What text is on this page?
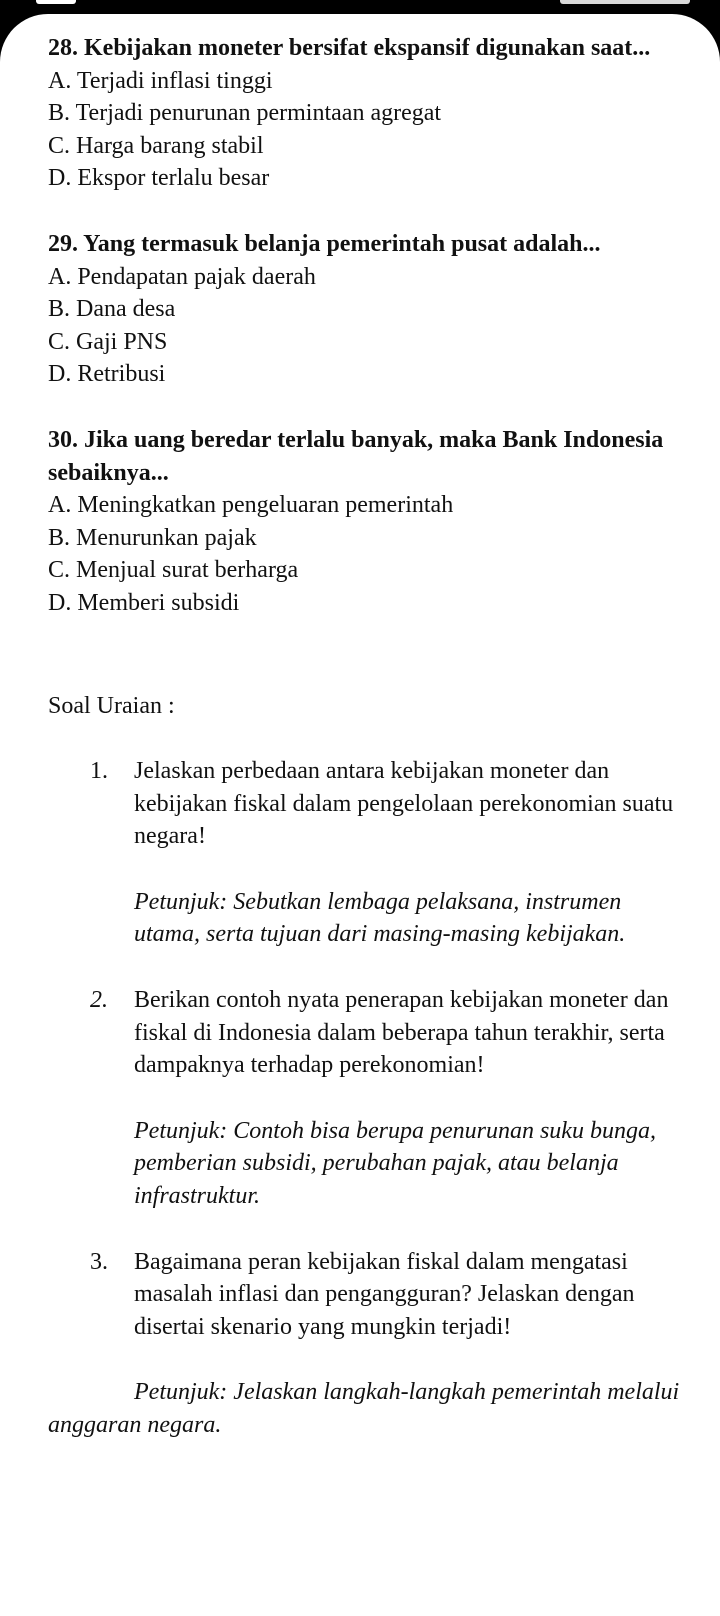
28. Kebijakan moneter bersifat ekspansif digunakan saat...

A. Terjadi inflasi tinggi

B. Terjadi penurunan permintaan agregat

C. Harga barang stabil

D. Ekspor terlalu besar

29. Yang termasuk belanja pemerintah pusat adalah...

A. Pendapatan pajak daerah

B. Dana desa

C. Gaji PNS

D. Retribusi

30. Jika uang beredar terlalu banyak, maka Bank Indonesia sebaiknya...

A. Meningkatkan pengeluaran pemerintah

B. Menurunkan pajak

C. Menjual surat berharga

D. Memberi subsidi

Soal Uraian :

1. Jelaskan perbedaan antara kebijakan moneter dan kebijakan fiskal dalam pengelolaan perekonomian suatu negara!

Petunjuk: Sebutkan lembaga pelaksana, instrumen utama, serta tujuan dari masing-masing kebijakan.

2. Berikan contoh nyata penerapan kebijakan moneter dan fiskal di Indonesia dalam beberapa tahun terakhir, serta dampaknya terhadap perekonomian!

Petunjuk: Contoh bisa berupa penurunan suku bunga, pemberian subsidi, perubahan pajak, atau belanja infrastruktur.

3. Bagaimana peran kebijakan fiskal dalam mengatasi masalah inflasi dan pengangguran? Jelaskan dengan disertai skenario yang mungkin terjadi!

Petunjuk: Jelaskan langkah-langkah pemerintah melalui anggaran negara.
